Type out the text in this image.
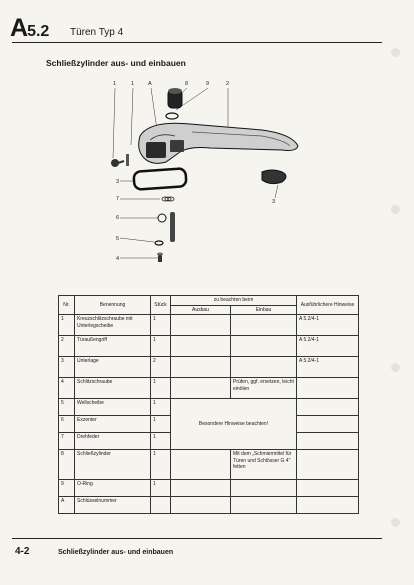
A5.2 Türen Typ 4
Schließzylinder aus- und einbauen
1	1	A	8	9	2
3
3
7
6
5
4
Nr.	Benennung	Stück	zu beachten beim		Ausführlichere Hinweise
			Ausbau	Einbau	
1	Kreuzschlitzschraube mit Unterlegscheibe	1			A 5.2/4-1
2	Türaußengriff	1			A 5.2/4-1
3	Unterlage	2			A 5.2/4-1
4	Schlitzschraube	1		Prüfen, ggf. ersetzen, leicht einölen	
5	Wellscheibe	1	Besondere Hinweise beachten!		
6	Exzenter	1			
7	Drehfeder	1			
8	Schließzylinder	1		Mit dem „Schmiermittel für Türen und Schlösser G 4" fetten	
9	O-Ring	1			
A	Schlüsselnummer				
4-2	Schließzylinder aus- und einbauen
